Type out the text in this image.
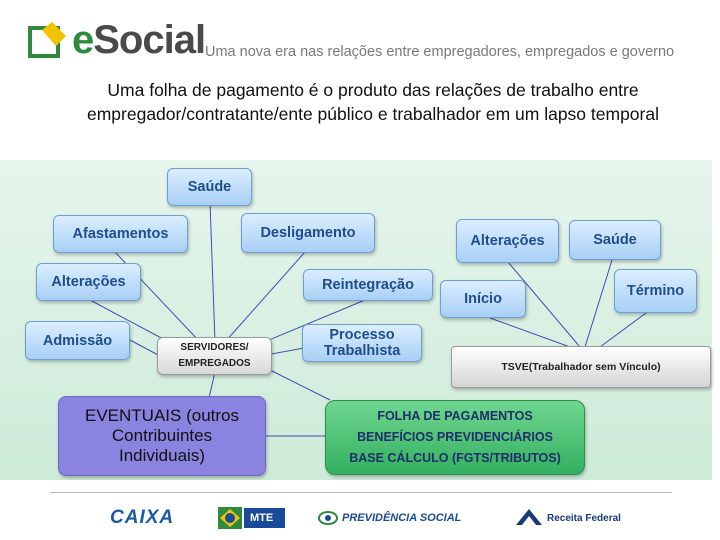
eSocial Uma nova era nas relações entre empregadores, empregados e governo
Uma folha de pagamento é o produto das relações de trabalho entre empregador/contratante/ente público e trabalhador em um lapso temporal
Saúde
Afastamentos	Desligamento
Alterações	Reintegração
Admissão	Processo Trabalhista
SERVIDORES/ EMPREGADOS
Alterações	Saúde
Início	Término
TSVE(Trabalhador sem Vínculo)
EVENTUAIS (outros Contribuintes Individuais)
FOLHA DE PAGAMENTOS
BENEFÍCIOS PREVIDENCIÁRIOS
BASE CÁLCULO (FGTS/TRIBUTOS)
CAIXA	MTE	PREVIDÊNCIA SOCIAL	Receita Federal
